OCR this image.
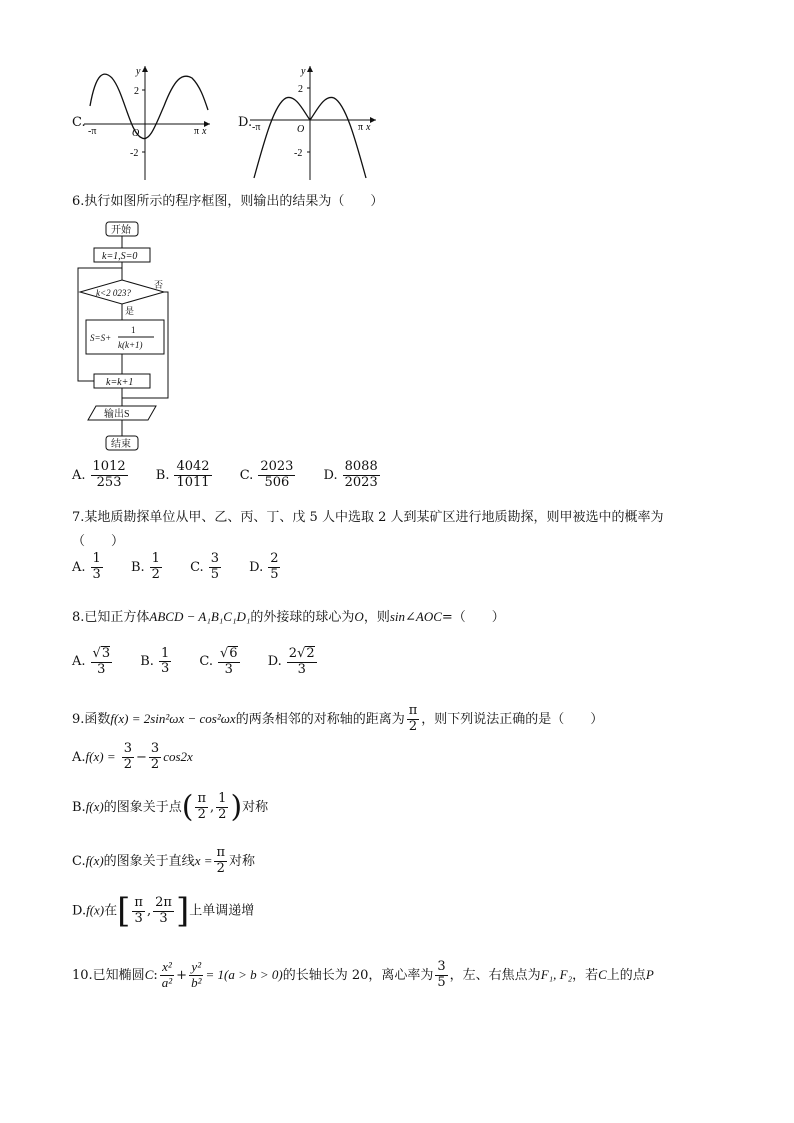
C.
-π	π x
y
O
2
-2
D. -π	π x
y
O
2
-2
6.执行如图所示的程序框图，则输出的结果为（　　）
开始
k=1,S=0
k<2 023?
否
是
S=S+
1
k(k+1)
k=k+1
输出S
结束
A. $\frac{1012}{253}$
B. $\frac{4042}{1011}$
C. $\frac{2023}{506}$
D. $\frac{8088}{2023}$
7.某地质勘探单位从甲、乙、丙、丁、戊 5 人中选取 2 人到某矿区进行地质勘探，则甲被选中的概率为
（　　）
A. $\frac{1}{3}$
B. $\frac{1}{2}$
C. $\frac{3}{5}$
D. $\frac{2}{5}$
8.已知正方体ABCD − A₁B₁C₁D₁的外接球的球心为O，则sin∠AOC=（　　）
A. $\frac{√3}{3}$
B. $\frac{1}{3}$
C. $\frac{√6}{3}$
D. $\frac{2√2}{3}$
9.函数f(x) = 2sin²ωx − cos²ωx的两条相邻的对称轴的距离为 $\frac{\pi}{2}$ ，则下列说法正确的是（　　）
$A.f(x) = \frac{3}{2} - \frac{3}{2} \cos 2x$
B.f(x)的图象关于点( $\frac{\pi}{2}$ , $\frac{1}{2}$ )对称
C.f(x)的图象关于直线$x = \frac{\pi}{2}$ 对称
D.f(x)在[ $\frac{\pi}{3}$ , $\frac{2\pi}{3}$ ]上单调递增
10.已知椭圆C: $\frac{\text{x²}}{\text{a²}} + \frac{\text{y²}}{\text{b²}} = 1(a > b > 0)$的长轴长为 20，离心率为 $\frac{3}{5}$ ，左、右焦点为F₁, F₂，若C上的点P
